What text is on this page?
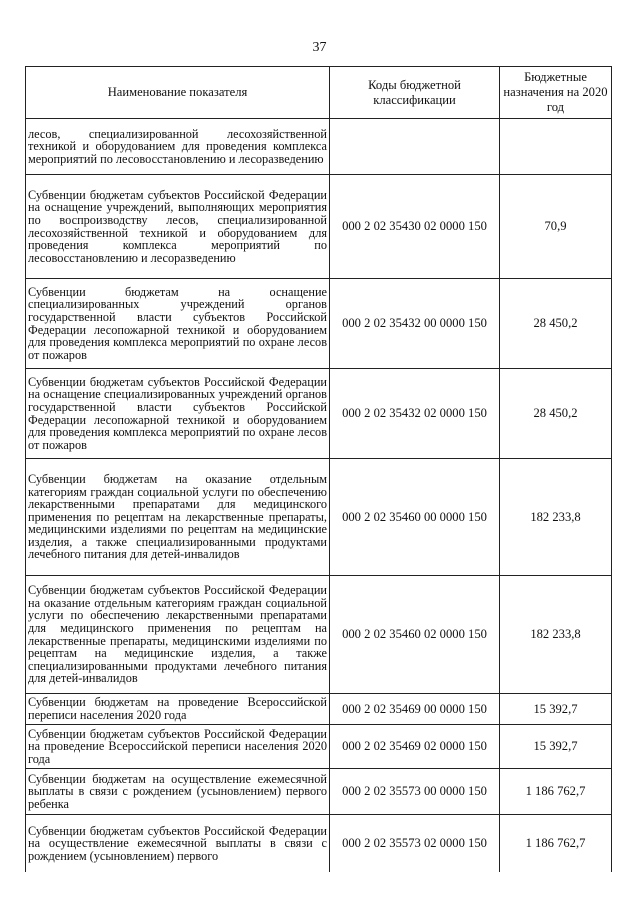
37
Наименование показателя	Коды бюджетной классификации	Бюджетные назначения на 2020 год
лесов, специализированной лесохозяйственной техникой и оборудованием для проведения комплекса мероприятий по лесовосстановлению и лесоразведению		
Субвенции бюджетам субъектов Российской Федерации на оснащение учреждений, выполняющих мероприятия по воспроизводству лесов, специализированной лесохозяйственной техникой и оборудованием для проведения комплекса мероприятий по лесовосстановлению и лесоразведению	000 2 02 35430 02 0000 150	70,9
Субвенции бюджетам на оснащение специализированных учреждений органов государственной власти субъектов Российской Федерации лесопожарной техникой и оборудованием для проведения комплекса мероприятий по охране лесов от пожаров	000 2 02 35432 00 0000 150	28 450,2
Субвенции бюджетам субъектов Российской Федерации на оснащение специализированных учреждений органов государственной власти субъектов Российской Федерации лесопожарной техникой и оборудованием для проведения комплекса мероприятий по охране лесов от пожаров	000 2 02 35432 02 0000 150	28 450,2
Субвенции бюджетам на оказание отдельным категориям граждан социальной услуги по обеспечению лекарственными препаратами для медицинского применения по рецептам на лекарственные препараты, медицинскими изделиями по рецептам на медицинские изделия, а также специализированными продуктами лечебного питания для детей-инвалидов	000 2 02 35460 00 0000 150	182 233,8
Субвенции бюджетам субъектов Российской Федерации на оказание отдельным категориям граждан социальной услуги по обеспечению лекарственными препаратами для медицинского применения по рецептам на лекарственные препараты, медицинскими изделиями по рецептам на медицинские изделия, а также специализированными продуктами лечебного питания для детей-инвалидов	000 2 02 35460 02 0000 150	182 233,8
Субвенции бюджетам на проведение Всероссийской переписи населения 2020 года	000 2 02 35469 00 0000 150	15 392,7
Субвенции бюджетам субъектов Российской Федерации на проведение Всероссийской переписи населения 2020 года	000 2 02 35469 02 0000 150	15 392,7
Субвенции бюджетам на осуществление ежемесячной выплаты в связи с рождением (усыновлением) первого ребенка	000 2 02 35573 00 0000 150	1 186 762,7
Субвенции бюджетам субъектов Российской Федерации на осуществление ежемесячной выплаты в связи с рождением (усыновлением) первого	000 2 02 35573 02 0000 150	1 186 762,7
